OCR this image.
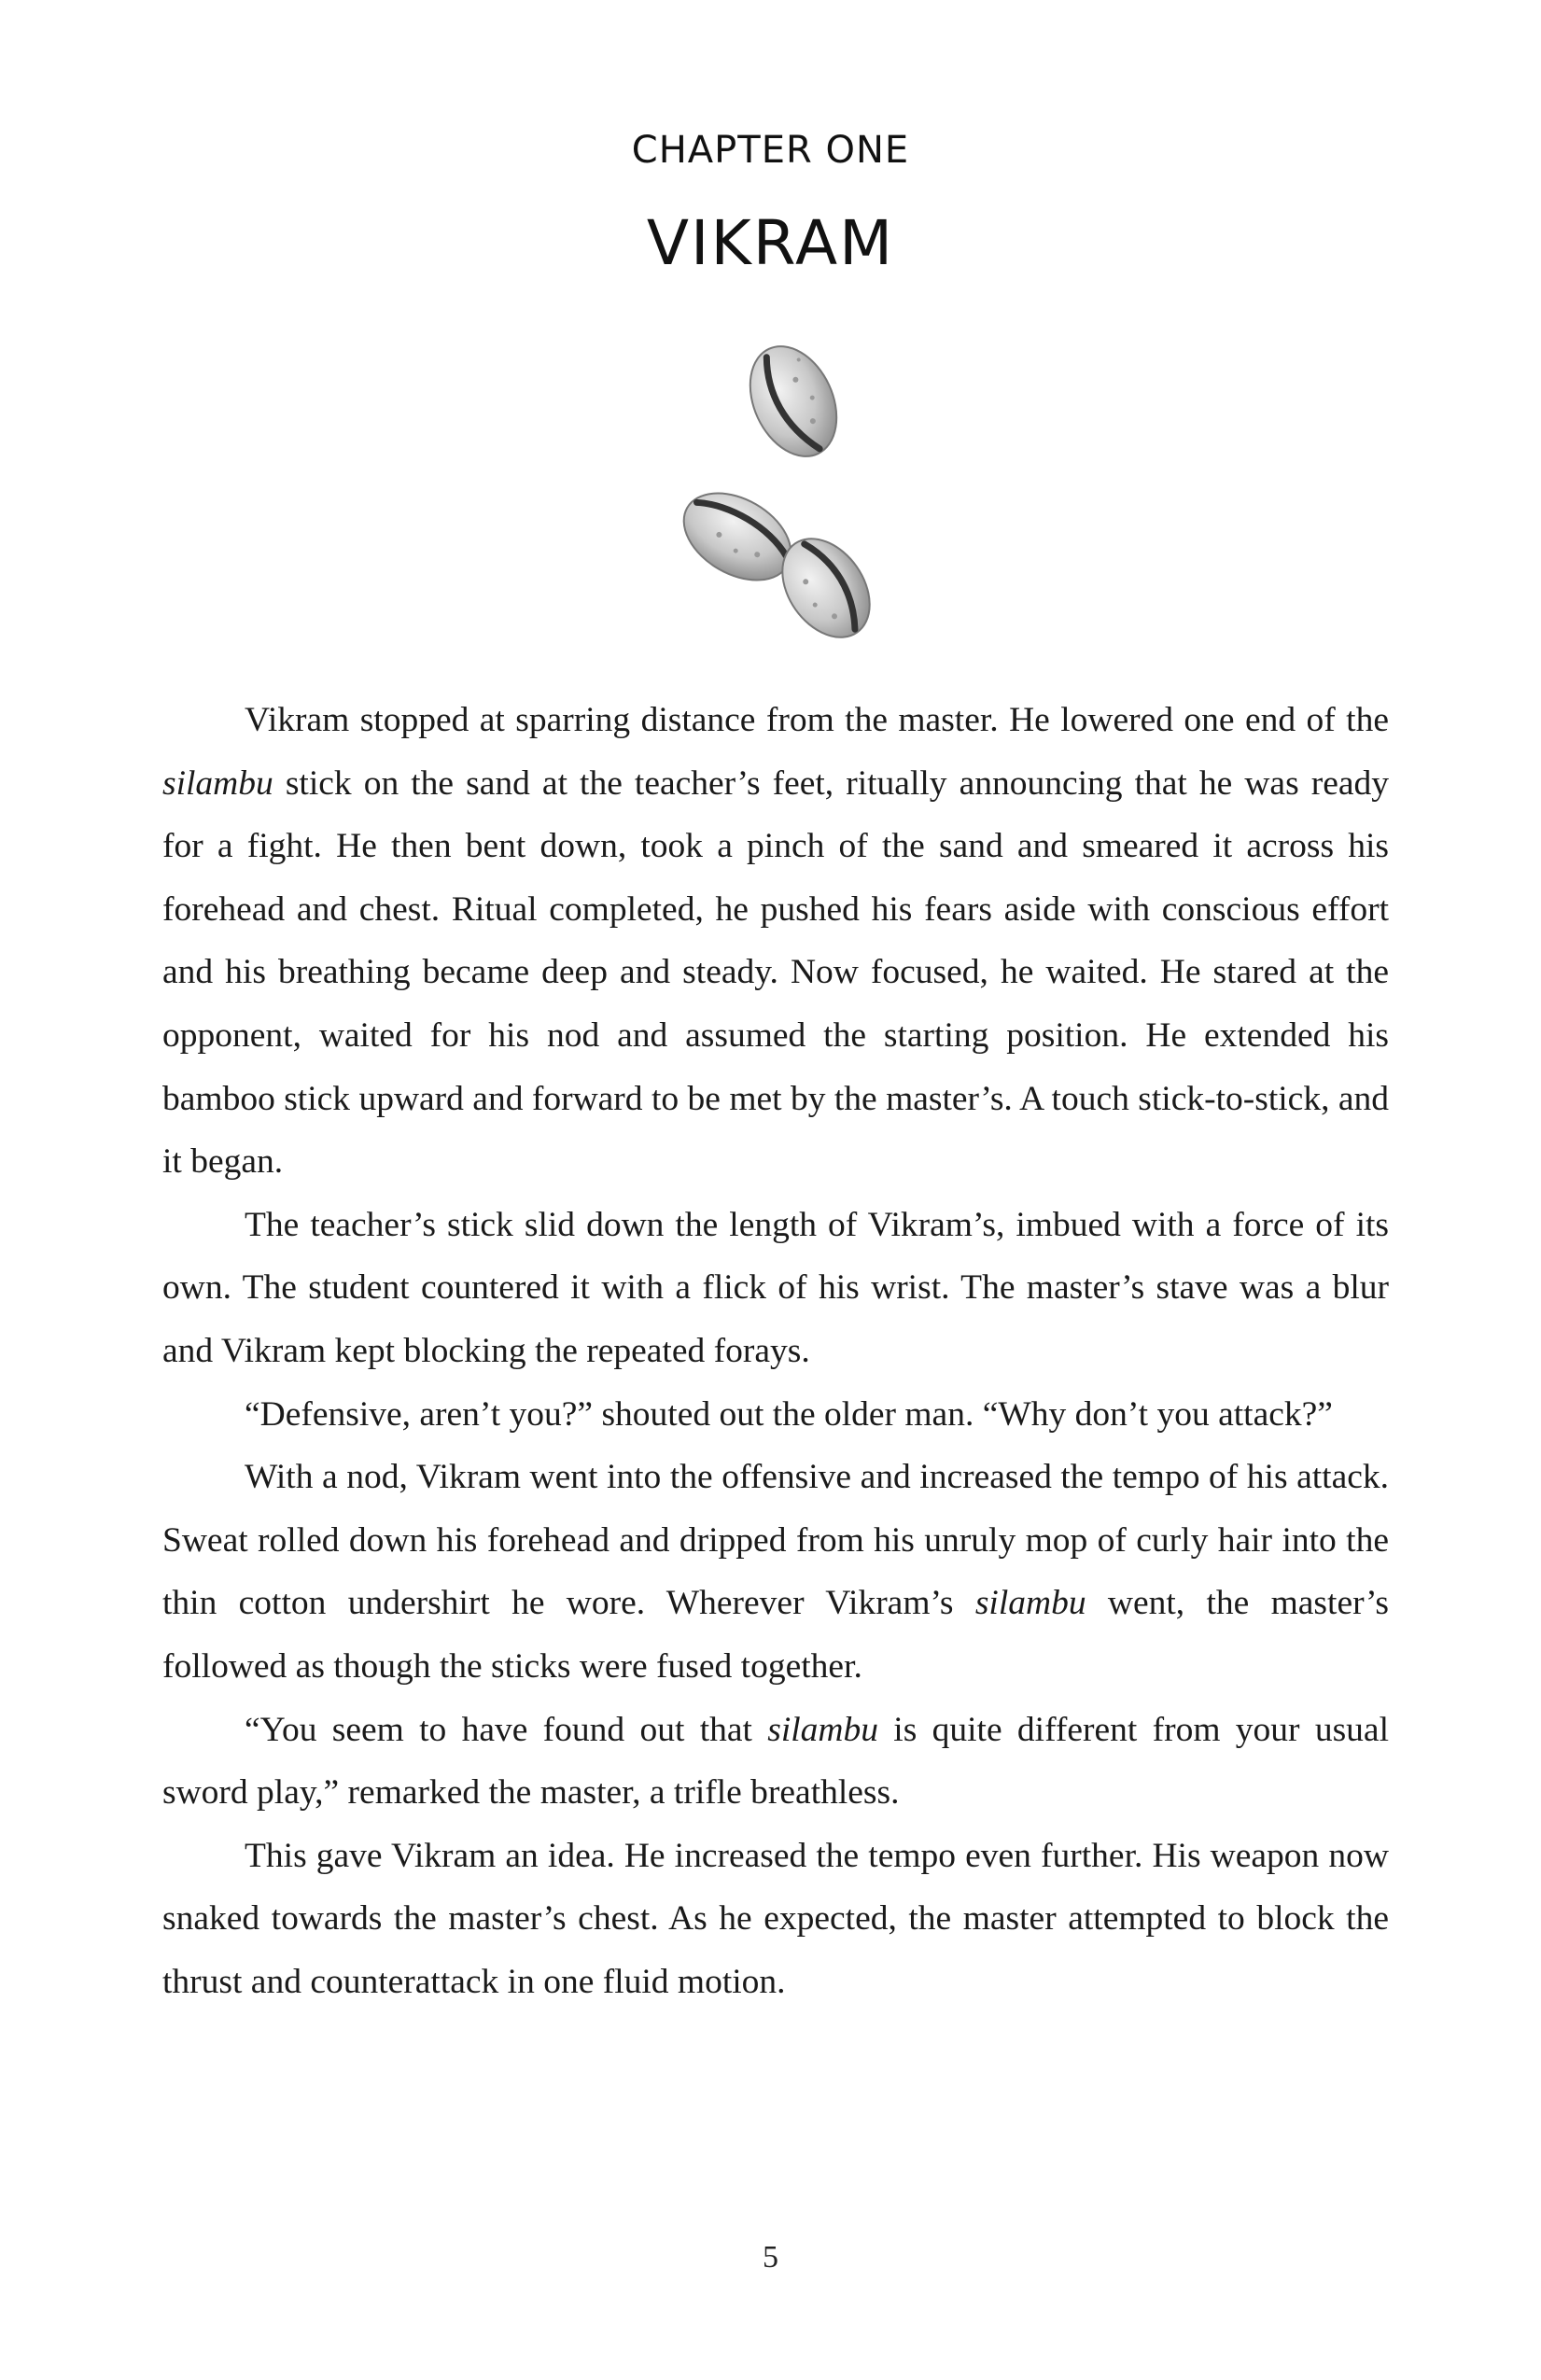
CHAPTER ONE
VIKRAM

Vikram stopped at sparring distance from the master. He lowered one end of the silambu stick on the sand at the teacher’s feet, ritually announcing that he was ready for a fight. He then bent down, took a pinch of the sand and smeared it across his forehead and chest. Ritual completed, he pushed his fears aside with conscious effort and his breathing became deep and steady. Now focused, he waited. He stared at the opponent, waited for his nod and assumed the starting position. He extended his bamboo stick upward and forward to be met by the master’s. A touch stick-to-stick, and it began.

The teacher’s stick slid down the length of Vikram’s, imbued with a force of its own. The student countered it with a flick of his wrist. The master’s stave was a blur and Vikram kept blocking the repeated forays.

“Defensive, aren’t you?” shouted out the older man. “Why don’t you attack?”

With a nod, Vikram went into the offensive and increased the tempo of his attack. Sweat rolled down his forehead and dripped from his unruly mop of curly hair into the thin cotton undershirt he wore. Wherever Vikram’s silambu went, the master’s followed as though the sticks were fused together.

“You seem to have found out that silambu is quite different from your usual sword play,” remarked the master, a trifle breathless.

This gave Vikram an idea. He increased the tempo even further. His weapon now snaked towards the master’s chest. As he expected, the master attempted to block the thrust and counterattack in one fluid motion.

5
